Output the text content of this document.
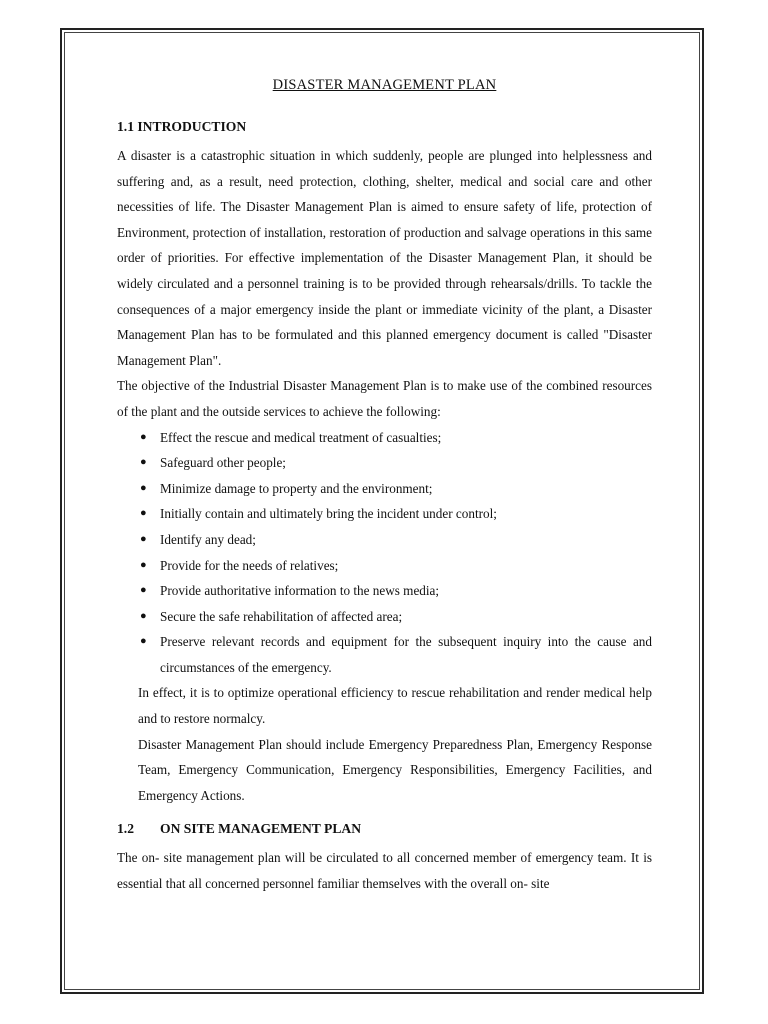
DISASTER MANAGEMENT PLAN
1.1 INTRODUCTION

A disaster is a catastrophic situation in which suddenly, people are plunged into helplessness and suffering and, as a result, need protection, clothing, shelter, medical and social care and other necessities of life. The Disaster Management Plan is aimed to ensure safety of life, protection of Environment, protection of installation, restoration of production and salvage operations in this same order of priorities. For effective implementation of the Disaster Management Plan, it should be widely circulated and a personnel training is to be provided through rehearsals/drills. To tackle the consequences of a major emergency inside the plant or immediate vicinity of the plant, a Disaster Management Plan has to be formulated and this planned emergency document is called "Disaster Management Plan".

The objective of the Industrial Disaster Management Plan is to make use of the combined resources of the plant and the outside services to achieve the following:

● Effect the rescue and medical treatment of casualties;
● Safeguard other people;
● Minimize damage to property and the environment;
● Initially contain and ultimately bring the incident under control;
● Identify any dead;
● Provide for the needs of relatives;
● Provide authoritative information to the news media;
● Secure the safe rehabilitation of affected area;
● Preserve relevant records and equipment for the subsequent inquiry into the cause and circumstances of the emergency.

In effect, it is to optimize operational efficiency to rescue rehabilitation and render medical help and to restore normalcy.

Disaster Management Plan should include Emergency Preparedness Plan, Emergency Response Team, Emergency Communication, Emergency Responsibilities, Emergency Facilities, and Emergency Actions.

1.2 ON SITE MANAGEMENT PLAN

The on- site management plan will be circulated to all concerned member of emergency team. It is essential that all concerned personnel familiar themselves with the overall on- site
